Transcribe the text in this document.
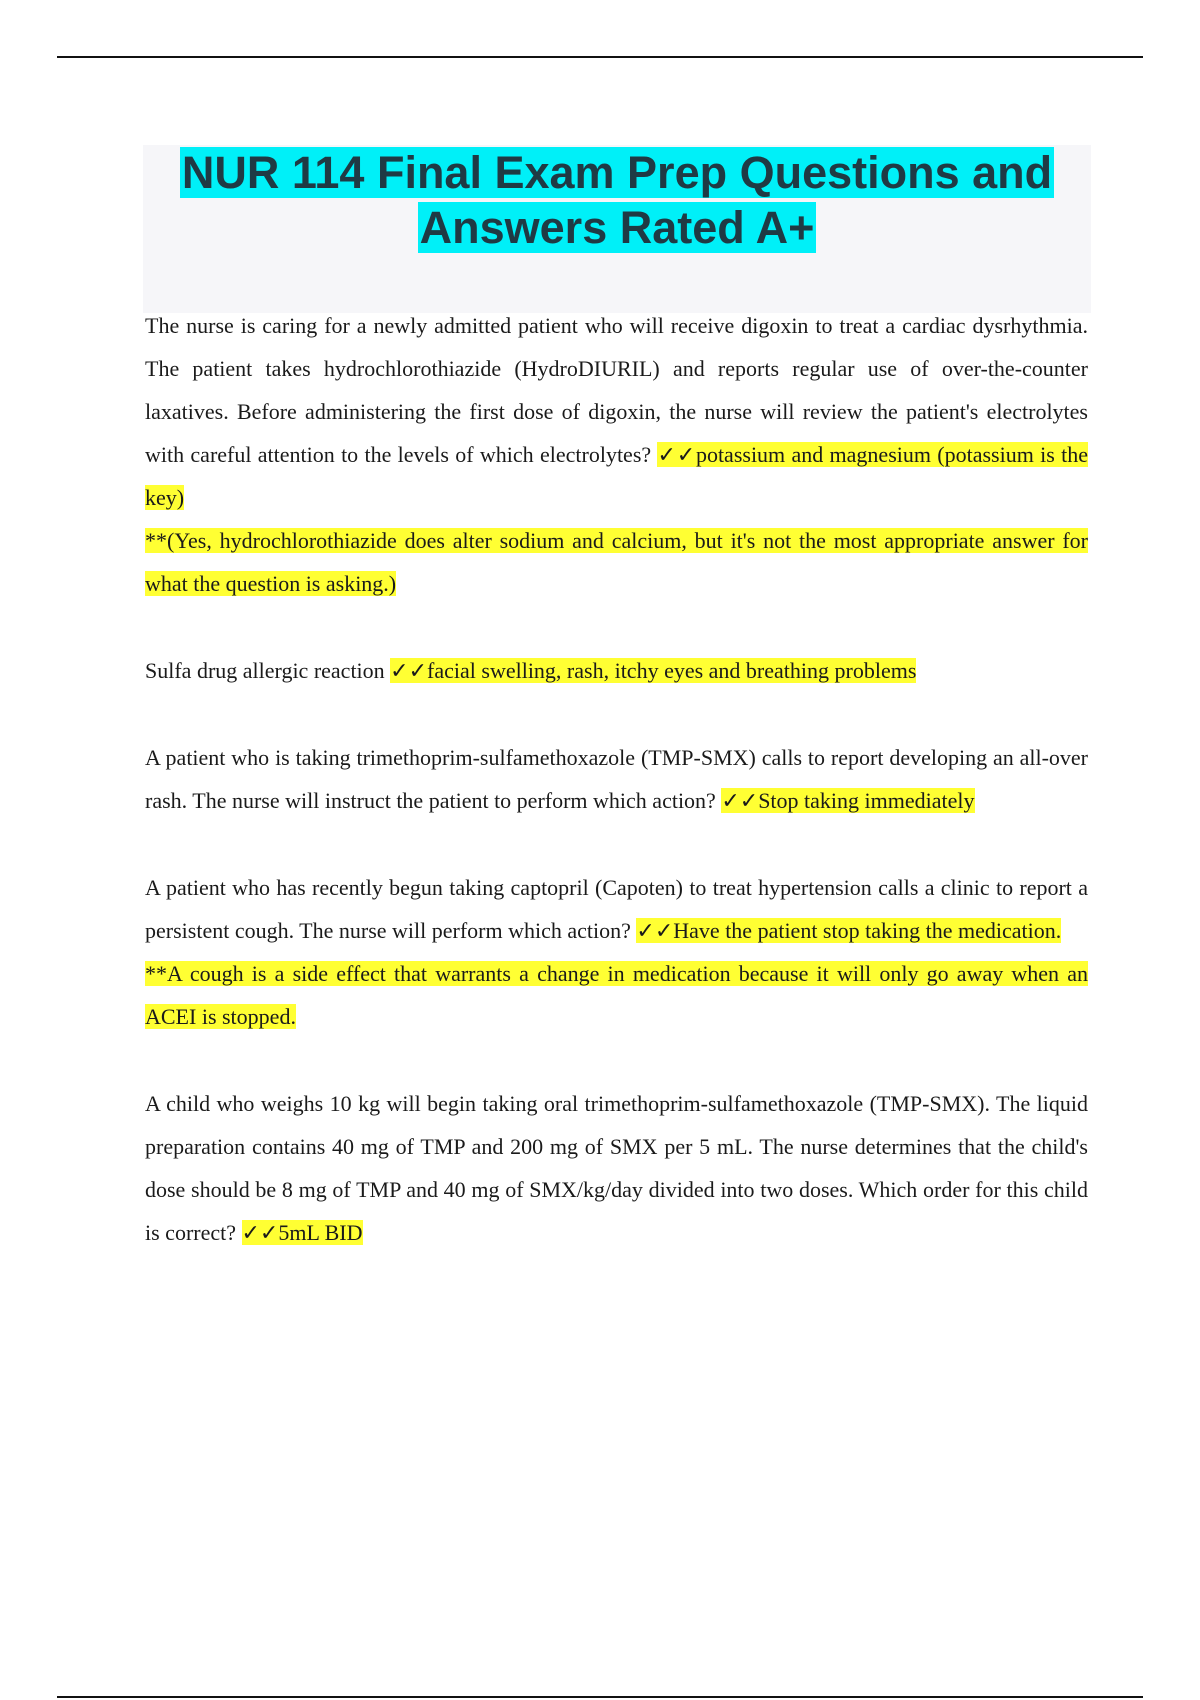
NUR 114 Final Exam Prep Questions and
Answers Rated A+

The nurse is caring for a newly admitted patient who will receive digoxin to treat a cardiac dysrhythmia. The patient takes hydrochlorothiazide (HydroDIURIL) and reports regular use of over-the-counter laxatives. Before administering the first dose of digoxin, the nurse will review the patient's electrolytes with careful attention to the levels of which electrolytes? ✓✓potassium and magnesium (potassium is the key)

**(Yes, hydrochlorothiazide does alter sodium and calcium, but it's not the most appropriate answer for what the question is asking.)

Sulfa drug allergic reaction ✓✓facial swelling, rash, itchy eyes and breathing problems

A patient who is taking trimethoprim-sulfamethoxazole (TMP-SMX) calls to report developing an all-over rash. The nurse will instruct the patient to perform which action? ✓✓Stop taking immediately

A patient who has recently begun taking captopril (Capoten) to treat hypertension calls a clinic to report a persistent cough. The nurse will perform which action? ✓✓Have the patient stop taking the medication.

**A cough is a side effect that warrants a change in medication because it will only go away when an ACEI is stopped.

A child who weighs 10 kg will begin taking oral trimethoprim-sulfamethoxazole (TMP-SMX). The liquid preparation contains 40 mg of TMP and 200 mg of SMX per 5 mL. The nurse determines that the child's dose should be 8 mg of TMP and 40 mg of SMX/kg/day divided into two doses. Which order for this child is correct? ✓✓5mL BID
